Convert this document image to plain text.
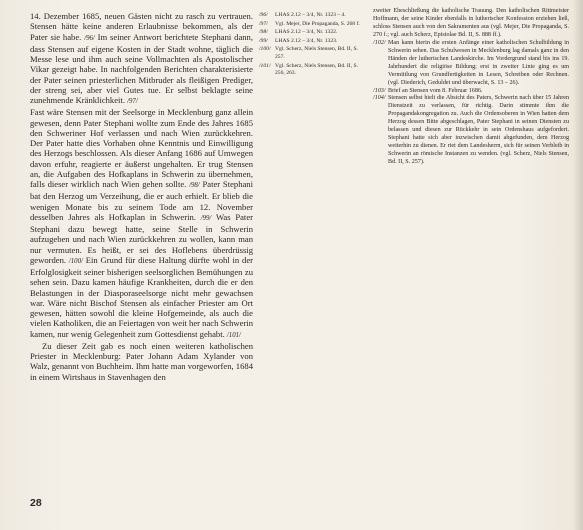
14. Dezember 1685, neuen Gästen nicht zu rasch zu vertrauen. Stensen hätte keine anderen Erlaubnisse bekommen, als der Pater sie habe. /96/ Im seiner Antwort berichtete Stephani dann, dass Stensen auf eigene Kosten in der Stadt wohne, täglich die Messe lese und ihm auch seine Vollmachten als Apostolischer Vikar gezeigt habe. In nachfolgenden Berichten charakterisierte der Pater seinen priesterlichen Mitbruder als fleißigen Prediger, der streng sei, aber viel Gutes tue. Er selbst beklagte seine zunehmende Kränklichkeit. /97/

Fast wäre Stensen mit der Seelsorge in Mecklenburg ganz allein gewesen, denn Pater Stephani wollte zum Ende des Jahres 1685 den Schweriner Hof verlassen und nach Wien zurückkehren. Der Pater hatte dies Vorhaben ohne Kenntnis und Einwilligung des Herzogs beschlossen. Als dieser Anfang 1686 auf Umwegen davon erfuhr, reagierte er äußerst ungehalten. Er trug Stensen an, die Aufgaben des Hofkaplans in Schwerin zu übernehmen, falls dieser wirklich nach Wien gehen sollte. /98/ Pater Stephani bat den Herzog um Verzeihung, die er auch erhielt. Er blieb die wenigen Monate bis zu seinem Tode am 12. November desselben Jahres als Hofkaplan in Schwerin. /99/ Was Pater Stephani dazu bewegt hatte, seine Stelle in Schwerin aufzugeben und nach Wien zurückkehren zu wollen, kann man nur vermuten. Es heißt, er sei des Hoflebens überdrüssig geworden. /100/ Ein Grund für diese Haltung dürfte wohl in der Erfolglosigkeit seiner bisherigen seelsorglichen Bemühungen zu sehen sein. Dazu kamen häufige Krankheiten, durch die er den Belastungen in der Diasporaseelsorge nicht mehr gewachsen war. Wäre nicht Bischof Stensen als einfacher Priester am Ort gewesen, hätten sowohl die kleine Hofgemeinde, als auch die vielen Katholiken, die an Feiertagen von weit her nach Schwerin kamen, nur wenig Gelegenheit zum Gottesdienst gehabt. /101/

Zu dieser Zeit gab es noch einen weiteren katholischen Priester in Mecklenburg: Pater Johann Adam Xylander von Walz, genannt von Buchheim. Ihm hatte man vorgeworfen, 1684 in einem Wirtshaus in Stavenhagen den

/96/ LHAS 2.12 – 3/4, Nr. 1323 – 4.
/97/ Vgl. Mejer, Die Propaganda, S. 268 f.
/98/ LHAS 2.12 – 3/4, Nr. 1322.
/99/ LHAS 2.12 – 3/4, Nr. 1323.
/100/ Vgl. Scherz, Niels Stensen, Bd. II, S. 257.
/101/ Vgl. Scherz, Niels Stensen, Bd. II, S. 256, 263.

zweiter Eheschließung die katholische Trauung. Den katholischen Rittmeister Hoffmann, der seine Kinder ebenfalls in lutherischer Konfession erziehen ließ, schloss Stensen auch von den Sakramenten aus (vgl. Mejer, Die Propaganda, S. 270 f.; vgl. auch Scherz, Epistolae Bd. II, S. 888 ff.).

/102/ Man kann hierin die ersten Anfänge einer katholischen Schulbildung in Schwerin sehen. Das Schulwesen in Mecklenburg lag damals ganz in den Händen der lutherischen Landeskirche. Im Vordergrund stand bis ins 19. Jahrhundert die religiöse Bildung; erst in zweiter Linie ging es um Vermittlung von Grundfertigkeiten in Lesen, Schreiben oder Rechnen. (vgl. Diederich, Geduldet und überwacht, S. 13 – 26).

/103/ Brief an Stensen vom 8. Februar 1686.

/104/ Stensen selbst hielt die Absicht des Paters, Schwerin nach über 15 Jahren Dienstzeit zu verlassen, für richtig. Darin stimmte ihm die Propagandakongregation zu. Auch die Ordensoberen in Wien hatten dem Herzog dessen Bitte abgeschlagen, Pater Stephani in seinen Diensten zu belassen und diesen zur Rückkehr in sein Ordenshaus aufgefordert. Stephani hatte sich aber inzwischen damit abgefunden, dem Herzog weiterhin zu dienen. Er riet dem Landesherrn, sich für seinen Verbleib in Schwerin an römische Instanzen zu wenden. (vgl. Scherz, Niels Stensen, Bd. II, S. 257).

28
